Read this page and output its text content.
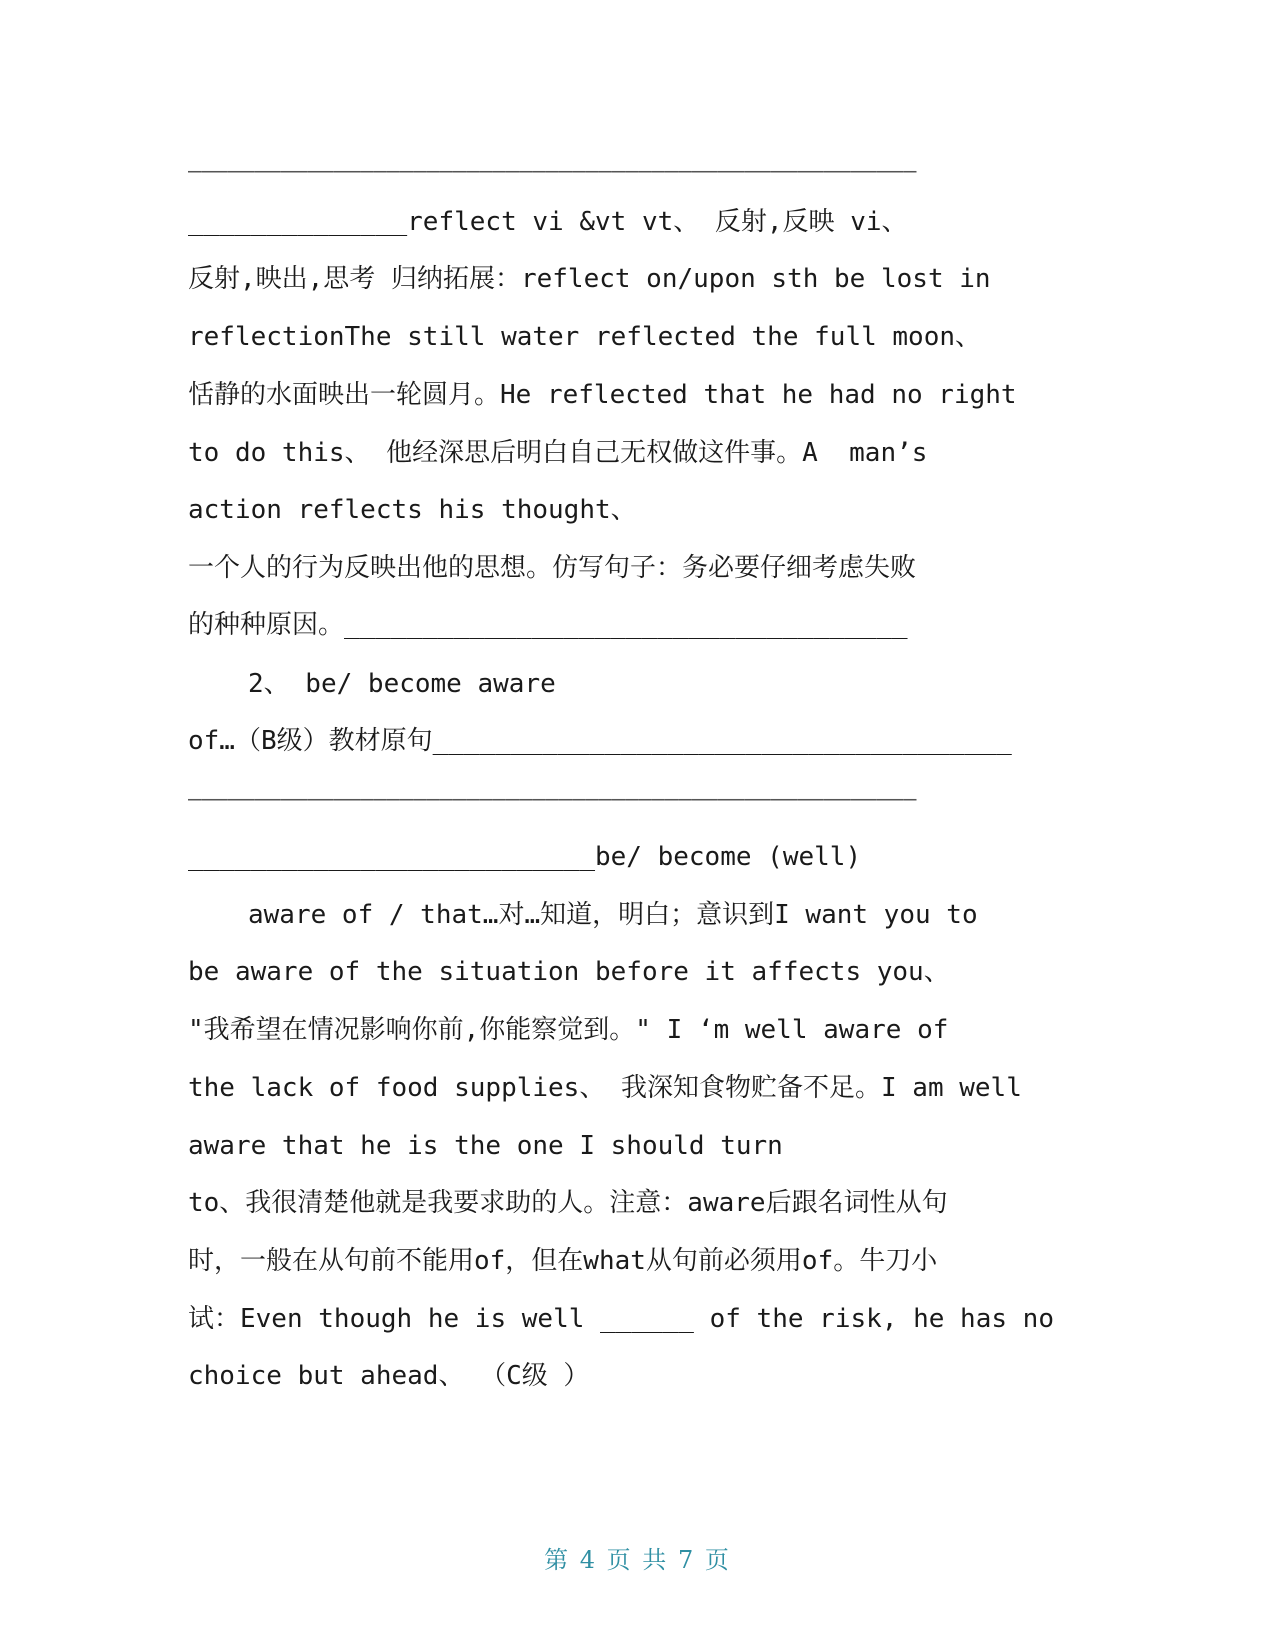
———————————————————————————————————————————————————————
______________reflect vi &vt vt、 反射,反映 vi、
反射,映出,思考 归纳拓展：reflect on/upon sth be lost in
reflectionThe still water reflected the full moon、
恬静的水面映出一轮圆月。He reflected that he had no right
to do this、 他经深思后明白自己无权做这件事。A  man’s
action reflects his thought、
一个人的行为反映出他的思想。仿写句子：务必要仔细考虑失败
的种种原因。____________________________________
2、 be/ become aware
of…（B级）教材原句_____________________________________
———————————————————————————————————————————————————————
__________________________be/ become (well)
aware of / that…对…知道，明白；意识到I want you to
be aware of the situation before it affects you、
"我希望在情况影响你前,你能察觉到。" I ‘m well aware of
the lack of food supplies、 我深知食物贮备不足。I am well
aware that he is the one I should turn
to、我很清楚他就是我要求助的人。注意：aware后跟名词性从句
时，一般在从句前不能用of，但在what从句前必须用of。牛刀小
试：Even though he is well ______ of the risk, he has no
choice but ahead、 （C级 ）
第 4 页 共 7 页
